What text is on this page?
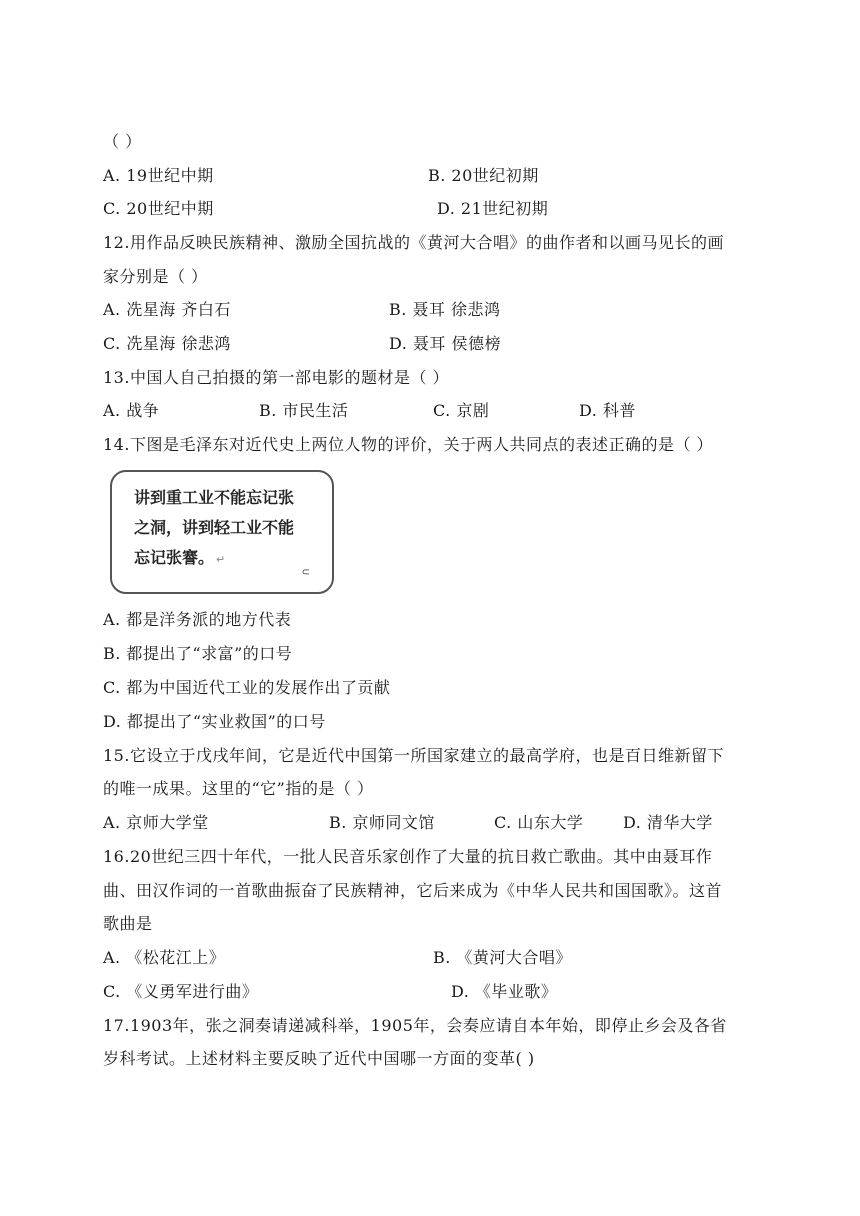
（ ）
A. 19世纪中期	B. 20世纪初期
C. 20世纪中期	D. 21世纪初期
12.用作品反映民族精神、激励全国抗战的《黄河大合唱》的曲作者和以画马见长的画
家分别是（ ）
A. 冼星海 齐白石	B. 聂耳 徐悲鸿
C. 冼星海 徐悲鸿	D. 聂耳 侯德榜
13.中国人自己拍摄的第一部电影的题材是（ ）
A. 战争	B. 市民生活	C. 京剧	D. 科普
14.下图是毛泽东对近代史上两位人物的评价，关于两人共同点的表述正确的是（ ）
讲到重工业不能忘记张
之洞，讲到轻工业不能
忘记张謇。 ↵
⊂
A. 都是洋务派的地方代表
B. 都提出了“求富”的口号
C. 都为中国近代工业的发展作出了贡献
D. 都提出了“实业救国”的口号
15.它设立于戊戌年间，它是近代中国第一所国家建立的最高学府，也是百日维新留下
的唯一成果。这里的“它”指的是（ ）
A. 京师大学堂	B. 京师同文馆	C. 山东大学 D. 清华大学
16.20世纪三四十年代，一批人民音乐家创作了大量的抗日救亡歌曲。其中由聂耳作
曲、田汉作词的一首歌曲振奋了民族精神，它后来成为《中华人民共和国国歌》。这首
歌曲是
A. 《松花江上》	B. 《黄河大合唱》
C. 《义勇军进行曲》	D. 《毕业歌》
17.1903年，张之洞奏请递减科举，1905年，会奏应请自本年始，即停止乡会及各省
岁科考试。上述材料主要反映了近代中国哪一方面的变革( )
